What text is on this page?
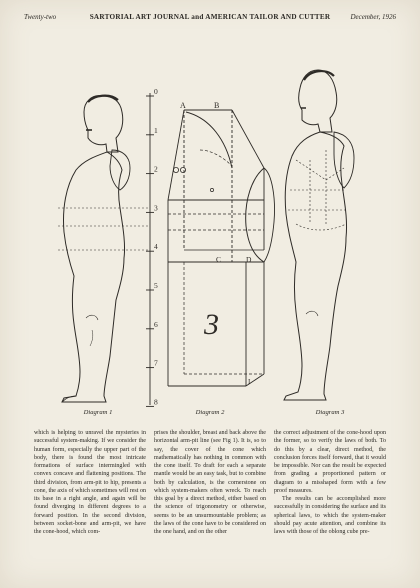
Twenty-two	SARTORIAL ART JOURNAL and AMERICAN TAILOR AND CUTTER	December, 1926
0
1
2
3
4
5
6
7
8
A	B
C	D
I
3
Diagram 1	Diagram 2	Diagram 3

which is helping to unravel the mysteries in successful system-making. If we consider the human form, especially the upper part of the body, there is found the most intricate formations of surface intermingled with convex concave and flattening positions. The third division, from arm-pit to hip, presents a cone, the axis of which sometimes will rest on its base in a right angle, and again will be found diverging in different degrees to a forward position. In the second division, between socket-bone and arm-pit, we have the cone-hood, which com-

prises the shoulder, breast and back above the horizontal arm-pit line (see Fig 1). It is, so to say, the cover of the cone which mathematically has nothing in common with the cone itself. To draft for each a separate mantle would be an easy task, but to combine both by calculation, is the cornerstone on which system-makers often wreck. To reach this goal by a direct method, either based on the science of trigonometry or otherwise, seems to be an unsurmountable problem; as the laws of the cone have to be considered on the one hand, and on the other

the correct adjustment of the cone-hood upon the former, so to verify the laws of both. To do this by a clear, direct method, the conclusion forces itself forward, that it would be impossible. Nor can the result be expected from grading a proportioned pattern or diagram to a misshaped form with a few proof measures.

The results can be accomplished more successfully in considering the surface and its spherical laws, to which the system-maker should pay acute attention, and combine its laws with those of the oblong cube pre-
